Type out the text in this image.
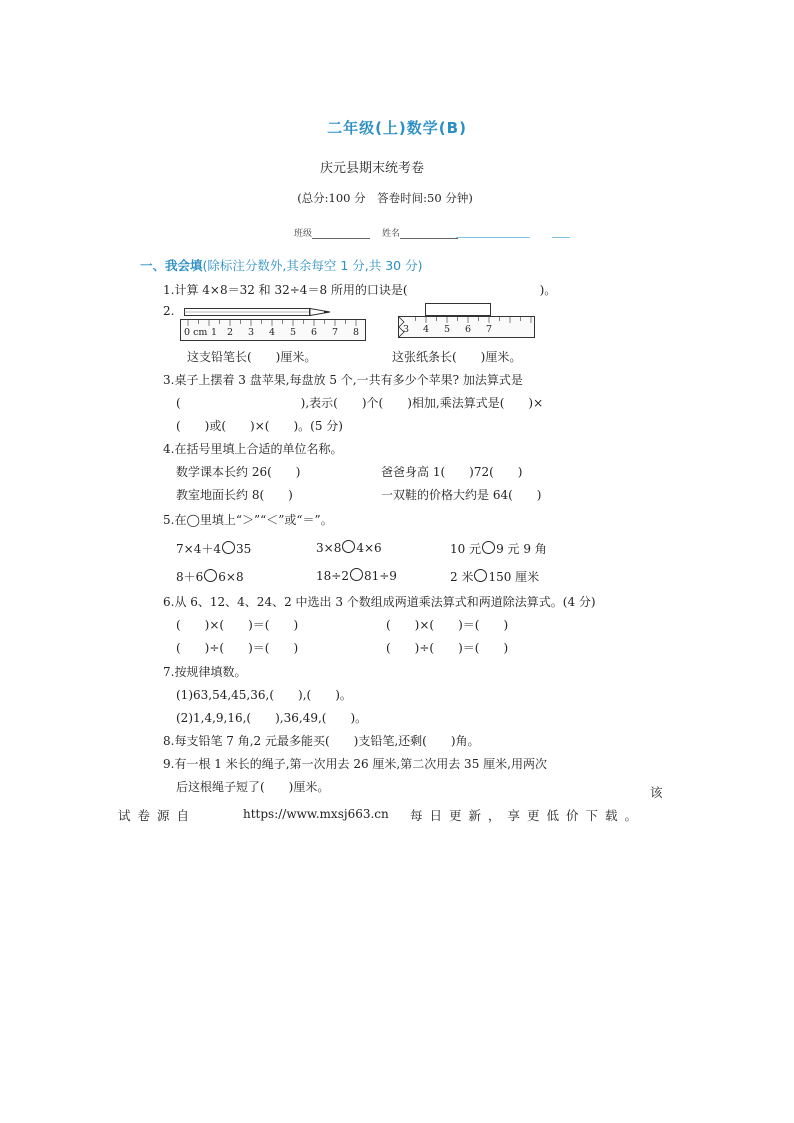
二年级(上)数学(B)
庆元县期末统考卷
(总分:100 分　答卷时间:50 分钟)
班级	姓名
一、我会填(除标注分数外,其余每空 1 分,共 30 分)
1.计算 4×8＝32 和 32÷4＝8 所用的口诀是(　　　　　　　　　　　)。
2.
0 cm 2 3 4 5 6 7 8
1	3 4 5 6 7
这支铅笔长(　　)厘米。	这张纸条长(　　)厘米。
3.桌子上摆着 3 盘苹果,每盘放 5 个,一共有多少个苹果? 加法算式是
(　　　　　　　　　　),表示(　　)个(　　)相加,乘法算式是(　　)×
(　　)或(　　)×(　　)。(5 分)
4.在括号里填上合适的单位名称。
数学课本长约 26(　　)	爸爸身高 1(　　)72(　　)
教室地面长约 8(　　)	一双鞋的价格大约是 64(　　)
5.在◯里填上“＞”“＜”或“＝”。
7×4＋4 35	3×8 4×6	10 元 9 元 9 角
8＋6 6×8	18÷2 81÷9	2 米 150 厘米
6.从 6、12、4、24、2 中选出 3 个数组成两道乘法算式和两道除法算式。(4 分)
(　　)×(　　)＝(　　)	(　　)×(　　)＝(　　)
(　　)÷(　　)＝(　　)	(　　)÷(　　)＝(　　)
7.按规律填数。
(1)63,54,45,36,(　　),(　　)。
(2)1,4,9,16,(　　),36,49,(　　)。
8.每支铅笔 7 角,2 元最多能买(　　)支铅笔,还剩(　　)角。
9.有一根 1 米长的绳子,第一次用去 26 厘米,第二次用去 35 厘米,用两次
后这根绳子短了(　　)厘米。	该
试卷源自	https://www.mxsj663.cn 每日更新，享更低价下载。
